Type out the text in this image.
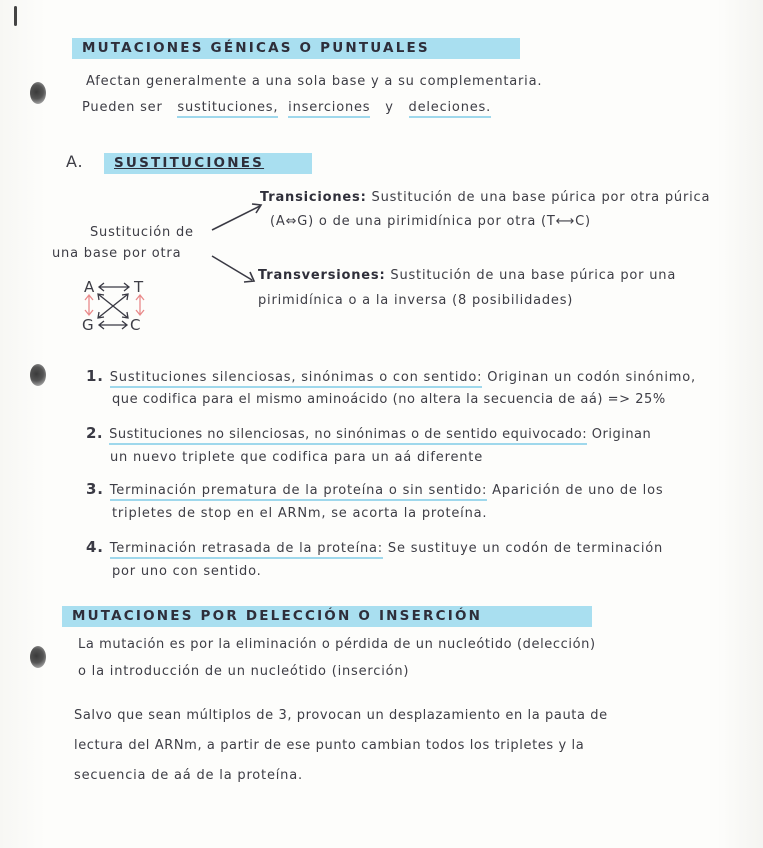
MUTACIONES GÉNICAS O PUNTUALES
Afectan generalmente a una sola base y a su complementaria.
Pueden ser sustituciones, inserciones y deleciones.
A.	SUSTITUCIONES
Sustitución de
una base por otra
Transiciones: Sustitución de una base púrica por otra púrica
(A⇔G) o de una pirimidínica por otra (T⟷C)
Transversiones: Sustitución de una base púrica por una
pirimidínica o a la inversa (8 posibilidades)
A	T
G C
1. Sustituciones silenciosas, sinónimas o con sentido: Originan un codón sinónimo,
que codifica para el mismo aminoácido (no altera la secuencia de aá) => 25%
2. Sustituciones no silenciosas, no sinónimas o de sentido equivocado: Originan
un nuevo triplete que codifica para un aá diferente
3. Terminación prematura de la proteína o sin sentido: Aparición de uno de los
tripletes de stop en el ARNm, se acorta la proteína.
4. Terminación retrasada de la proteína: Se sustituye un codón de terminación
por uno con sentido.
MUTACIONES POR DELECCIÓN O INSERCIÓN
La mutación es por la eliminación o pérdida de un nucleótido (delección)
o la introducción de un nucleótido (inserción)
Salvo que sean múltiplos de 3, provocan un desplazamiento en la pauta de
lectura del ARNm, a partir de ese punto cambian todos los tripletes y la
secuencia de aá de la proteína.
